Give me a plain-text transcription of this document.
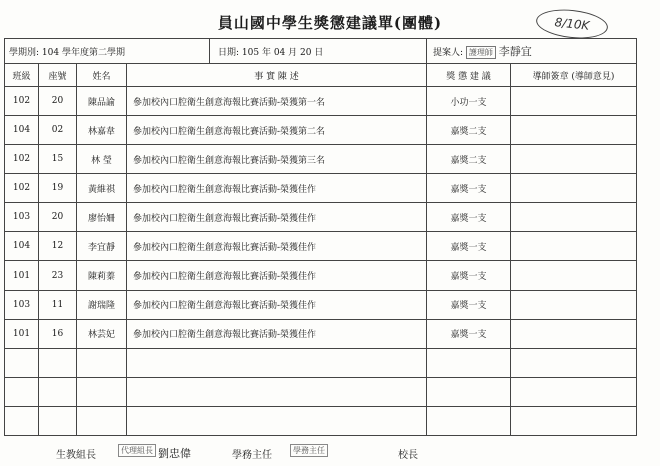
員山國中學生獎懲建議單(團體)	8/10K
學期別: 104 學年度第二學期	日期: 105 年 04 月 20 日
		提案人: 護理師 李靜宜
班級	座號	姓名	事 實 陳 述	獎 懲 建 議	導師簽章 (導師意見)
102	20	陳品諭	參加校內口腔衛生創意海報比賽活動-榮獲第一名	小功一支	
104	02	林嘉韋	參加校內口腔衛生創意海報比賽活動-榮獲第二名	嘉獎二支	
102	15	林 瑩	參加校內口腔衛生創意海報比賽活動-榮獲第三名	嘉獎二支	
102	19	黃維祺	參加校內口腔衛生創意海報比賽活動-榮獲佳作	嘉獎一支	
103	20	廖怡姍	參加校內口腔衛生創意海報比賽活動-榮獲佳作	嘉獎一支	
104	12	李宜靜	參加校內口腔衛生創意海報比賽活動-榮獲佳作	嘉獎一支	
101	23	陳莉蓁	參加校內口腔衛生創意海報比賽活動-榮獲佳作	嘉獎一支	
103	11	謝瑞隆	參加校內口腔衛生創意海報比賽活動-榮獲佳作	嘉獎一支	
101	16	林芸妃	參加校內口腔衛生創意海報比賽活動-榮獲佳作	嘉獎一支	

生教組長	代理組長 劉忠偉	學務主任	學務主任	校長
